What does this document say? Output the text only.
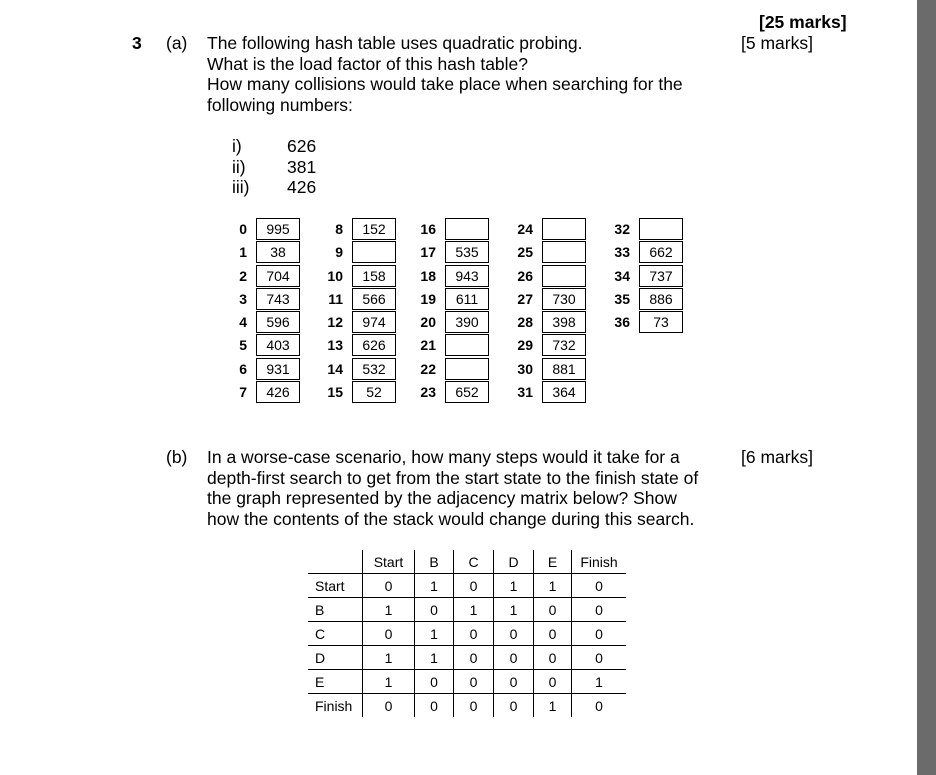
3
[25 marks]
[5 marks]
(a) The following hash table uses quadratic probing.
What is the load factor of this hash table?
How many collisions would take place when searching for the
following numbers:
i)	626
ii) 381
iii) 426
0	995
1	38
2	704
3	743
4	596
5	403
6	931
7	426
8	152
9
10	158
11	566
12	974
13	626
14	532
15	52
16
17	535
18	943
19	611
20	390
21
22
23	652
24
25
26
27	730
28	398
29	732
30	881
31	364
32
33	662
34	737
35	886
36	73
(b)	[6 marks]
In a worse-case scenario, how many steps would it take for a
depth-first search to get from the start state to the finish state of
the graph represented by the adjacency matrix below? Show
how the contents of the stack would change during this search.
	Start	B	C	D	E	Finish
Start	0	1	0	1	1	0
B	1	0	1	1	0	0
C	0	1	0	0	0	0
D	1	1	0	0	0	0
E	1	0	0	0	0	1
Finish	0	0	0	0	1	0
